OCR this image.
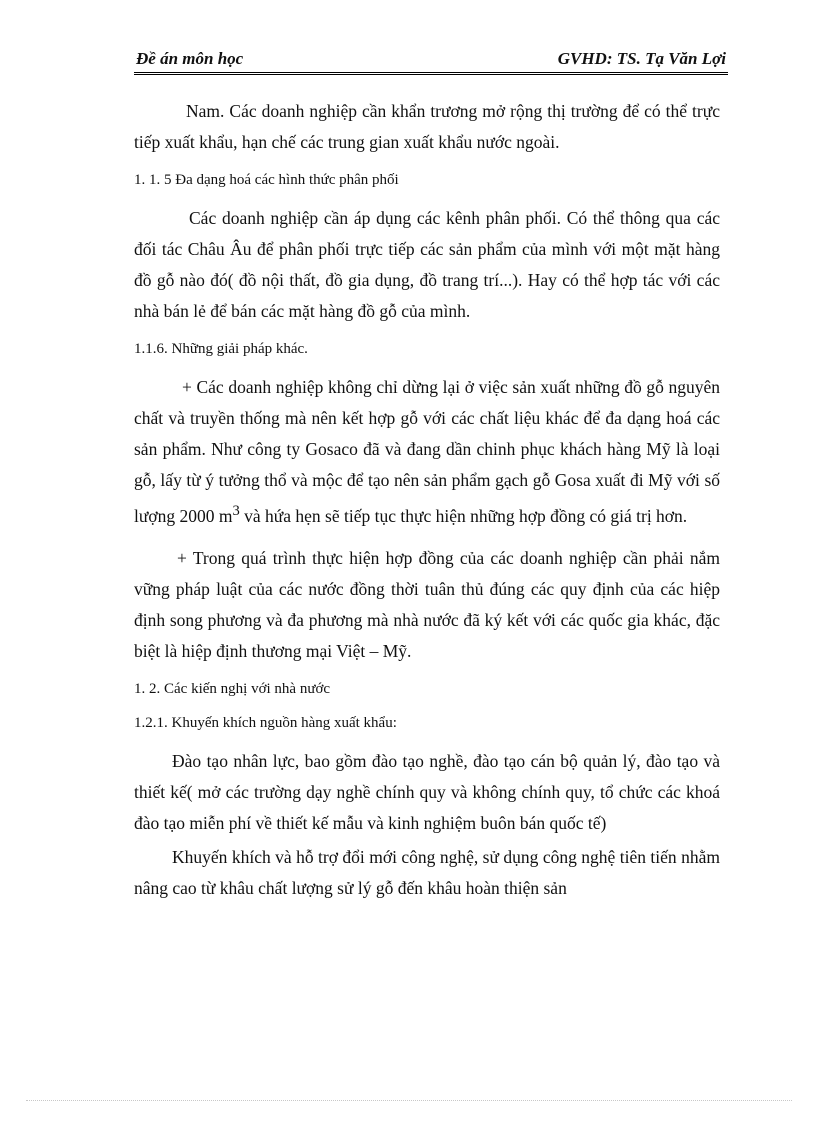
Đề án môn học	GVHD: TS. Tạ Văn Lợi

Nam. Các doanh nghiệp cần khẩn trương mở rộng thị trường để có thể trực tiếp xuất khẩu, hạn chế các trung gian xuất khẩu nước ngoài.

1. 1. 5 Đa dạng hoá các hình thức phân phối

Các doanh nghiệp cần áp dụng các kênh phân phối. Có thể thông qua các đối tác Châu Âu để phân phối trực tiếp các sản phẩm của mình với một mặt hàng đồ gỗ nào đó( đồ nội thất, đồ gia dụng, đồ trang trí...). Hay có thể hợp tác với các nhà bán lẻ để bán các mặt hàng đồ gỗ của mình.

1.1.6. Những giải pháp khác.

+ Các doanh nghiệp không chỉ dừng lại ở việc sản xuất những đồ gỗ nguyên chất và truyền thống mà nên kết hợp gỗ với các chất liệu khác để đa dạng hoá các sản phẩm. Như công ty Gosaco đã và đang dần chinh phục khách hàng Mỹ là loại gỗ, lấy từ ý tưởng thổ và mộc để tạo nên sản phẩm gạch gỗ Gosa xuất đi Mỹ với số lượng 2000 $m^3$ và hứa hẹn sẽ tiếp tục thực hiện những hợp đồng có giá trị hơn.

+ Trong quá trình thực hiện hợp đồng của các doanh nghiệp cần phải nắm vững pháp luật của các nước đồng thời tuân thủ đúng các quy định của các hiệp định song phương và đa phương mà nhà nước đã ký kết với các quốc gia khác, đặc biệt là hiệp định thương mại Việt – Mỹ.

1. 2. Các kiến nghị với nhà nước

1.2.1. Khuyến khích nguồn hàng xuất khẩu:

Đào tạo nhân lực, bao gồm đào tạo nghề, đào tạo cán bộ quản lý, đào tạo và thiết kế( mở các trường dạy nghề chính quy và không chính quy, tổ chức các khoá đào tạo miễn phí về thiết kế mẫu và kinh nghiệm buôn bán quốc tế)

Khuyến khích và hỗ trợ đổi mới công nghệ, sử dụng công nghệ tiên tiến nhằm nâng cao từ khâu chất lượng sử lý gỗ đến khâu hoàn thiện sản
